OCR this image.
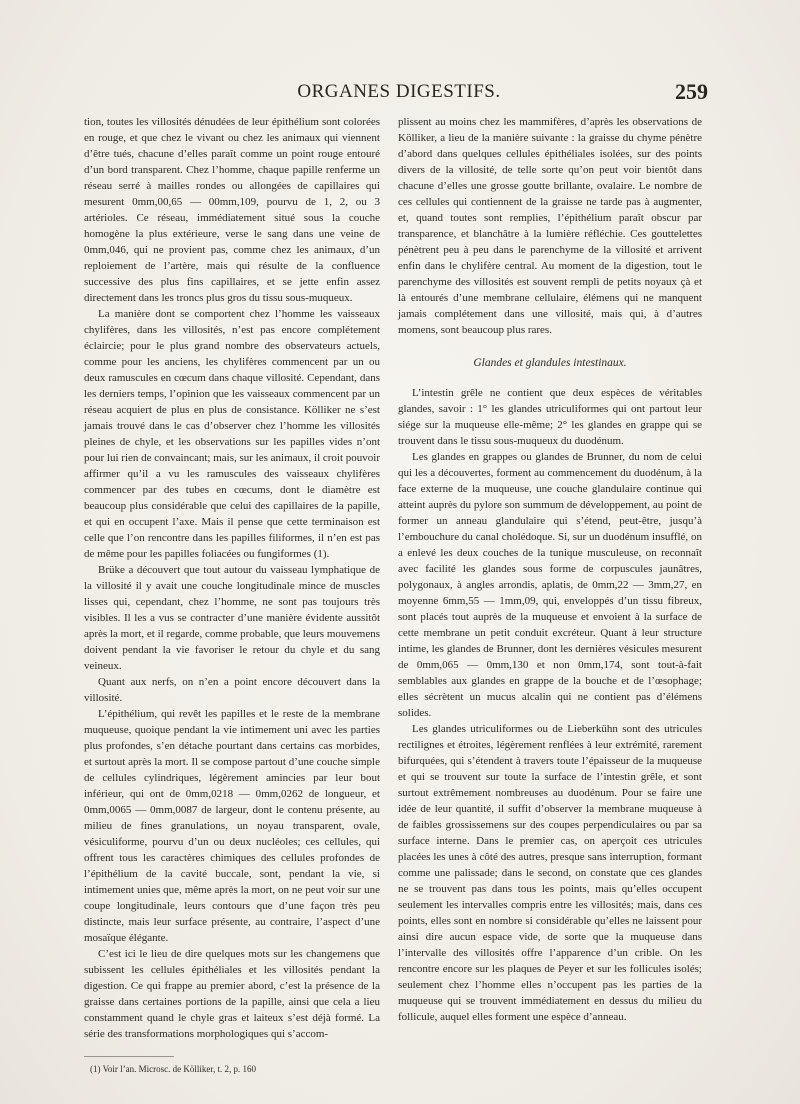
ORGANES DIGESTIFS.	259

tion, toutes les villosités dénudées de leur épithélium sont colorées en rouge, et que chez le vivant ou chez les animaux qui viennent d’être tués, chacune d’elles paraît comme un point rouge entouré d’un bord transparent. Chez l’homme, chaque papille renferme un réseau serré à mailles rondes ou allongées de capillaires qui mesurent 0mm,00,65 — 00mm,109, pourvu de 1, 2, ou 3 artérioles. Ce réseau, immédiatement situé sous la couche homogène la plus extérieure, verse le sang dans une veine de 0mm,046, qui ne provient pas, comme chez les animaux, d’un reploiement de l’artère, mais qui résulte de la confluence successive des plus fins capillaires, et se jette enfin assez directement dans les troncs plus gros du tissu sous-muqueux.

La manière dont se comportent chez l’homme les vaisseaux chylifères, dans les villosités, n’est pas encore complétement éclaircie; pour le plus grand nombre des observateurs actuels, comme pour les anciens, les chylifères commencent par un ou deux ramuscules en cœcum dans chaque villosité. Cependant, dans les derniers temps, l’opinion que les vaisseaux commencent par un réseau acquiert de plus en plus de consistance. Kölliker ne s’est jamais trouvé dans le cas d’observer chez l’homme les villosités pleines de chyle, et les observations sur les papilles vides n’ont pour lui rien de convaincant; mais, sur les animaux, il croit pouvoir affirmer qu’il a vu les ramuscules des vaisseaux chylifères commencer par des tubes en cœcums, dont le diamètre est beaucoup plus considérable que celui des capillaires de la papille, et qui en occupent l’axe. Mais il pense que cette terminaison est celle que l’on rencontre dans les papilles filiformes, il n’en est pas de même pour les papilles foliacées ou fungiformes (1).

Brüke a découvert que tout autour du vaisseau lymphatique de la villosité il y avait une couche longitudinale mince de muscles lisses qui, cependant, chez l’homme, ne sont pas toujours très visibles. Il les a vus se contracter d’une manière évidente aussitôt après la mort, et il regarde, comme probable, que leurs mouvemens doivent pendant la vie favoriser le retour du chyle et du sang veineux.

Quant aux nerfs, on n’en a point encore découvert dans la villosité.

L’épithélium, qui revêt les papilles et le reste de la membrane muqueuse, quoique pendant la vie intimement uni avec les parties plus profondes, s’en détache pourtant dans certains cas morbides, et surtout après la mort. Il se compose partout d’une couche simple de cellules cylindriques, légèrement amincies par leur bout inférieur, qui ont de 0mm,0218 — 0mm,0262 de longueur, et 0mm,0065 — 0mm,0087 de largeur, dont le contenu présente, au milieu de fines granulations, un noyau transparent, ovale, vésiculiforme, pourvu d’un ou deux nucléoles; ces cellules, qui offrent tous les caractères chimiques des cellules profondes de l’épithélium de la cavité buccale, sont, pendant la vie, si intimement unies que, même après la mort, on ne peut voir sur une coupe longitudinale, leurs contours que d’une façon très peu distincte, mais leur surface présente, au contraire, l’aspect d’une mosaïque élégante.

C’est ici le lieu de dire quelques mots sur les changemens que subissent les cellules épithéliales et les villosités pendant la digestion. Ce qui frappe au premier abord, c’est la présence de la graisse dans certaines portions de la papille, ainsi que cela a lieu constamment quand le chyle gras et laiteux s’est déjà formé. La série des transformations morphologiques qui s’accom-

(1) Voir l’an. Microsc. de Kölliker, t. 2, p. 160

plissent au moins chez les mammifères, d’après les observations de Kölliker, a lieu de la manière suivante : la graisse du chyme pénètre d’abord dans quelques cellules épithéliales isolées, sur des points divers de la villosité, de telle sorte qu’on peut voir bientôt dans chacune d’elles une grosse goutte brillante, ovalaire. Le nombre de ces cellules qui contiennent de la graisse ne tarde pas à augmenter, et, quand toutes sont remplies, l’épithélium paraît obscur par transparence, et blanchâtre à la lumière réfléchie. Ces gouttelettes pénètrent peu à peu dans le parenchyme de la villosité et arrivent enfin dans le chylifère central. Au moment de la digestion, tout le parenchyme des villosités est souvent rempli de petits noyaux çà et là entourés d’une membrane cellulaire, élémens qui ne manquent jamais complétement dans une villosité, mais qui, à d’autres momens, sont beaucoup plus rares.

Glandes et glandules intestinaux.

L’intestin grêle ne contient que deux espèces de véritables glandes, savoir : 1° les glandes utriculiformes qui ont partout leur siége sur la muqueuse elle-même; 2° les glandes en grappe qui se trouvent dans le tissu sous-muqueux du duodénum.

Les glandes en grappes ou glandes de Brunner, du nom de celui qui les a découvertes, forment au commencement du duodénum, à la face externe de la muqueuse, une couche glandulaire continue qui atteint auprès du pylore son summum de développement, au point de former un anneau glandulaire qui s’étend, peut-être, jusqu’à l’embouchure du canal cholédoque. Si, sur un duodénum insufflé, on a enlevé les deux couches de la tunique musculeuse, on reconnaît avec facilité les glandes sous forme de corpuscules jaunâtres, polygonaux, à angles arrondis, aplatis, de 0mm,22 — 3mm,27, en moyenne 6mm,55 — 1mm,09, qui, enveloppés d’un tissu fibreux, sont placés tout auprès de la muqueuse et envoient à la surface de cette membrane un petit conduit excréteur. Quant à leur structure intime, les glandes de Brunner, dont les dernières vésicules mesurent de 0mm,065 — 0mm,130 et non 0mm,174, sont tout-à-fait semblables aux glandes en grappe de la bouche et de l’œsophage; elles sécrètent un mucus alcalin qui ne contient pas d’élémens solides.

Les glandes utriculiformes ou de Lieberkühn sont des utricules rectilignes et étroites, légèrement renflées à leur extrémité, rarement bifurquées, qui s’étendent à travers toute l’épaisseur de la muqueuse et qui se trouvent sur toute la surface de l’intestin grêle, et sont surtout extrêmement nombreuses au duodénum. Pour se faire une idée de leur quantité, il suffit d’observer la membrane muqueuse à de faibles grossissemens sur des coupes perpendiculaires ou par sa surface interne. Dans le premier cas, on aperçoit ces utricules placées les unes à côté des autres, presque sans interruption, formant comme une palissade; dans le second, on constate que ces glandes ne se trouvent pas dans tous les points, mais qu’elles occupent seulement les intervalles compris entre les villosités; mais, dans ces points, elles sont en nombre si considérable qu’elles ne laissent pour ainsi dire aucun espace vide, de sorte que la muqueuse dans l’intervalle des villosités offre l’apparence d’un crible. On les rencontre encore sur les plaques de Peyer et sur les follicules isolés; seulement chez l’homme elles n’occupent pas les parties de la muqueuse qui se trouvent immédiatement en dessus du milieu du follicule, auquel elles forment une espèce d’anneau.
